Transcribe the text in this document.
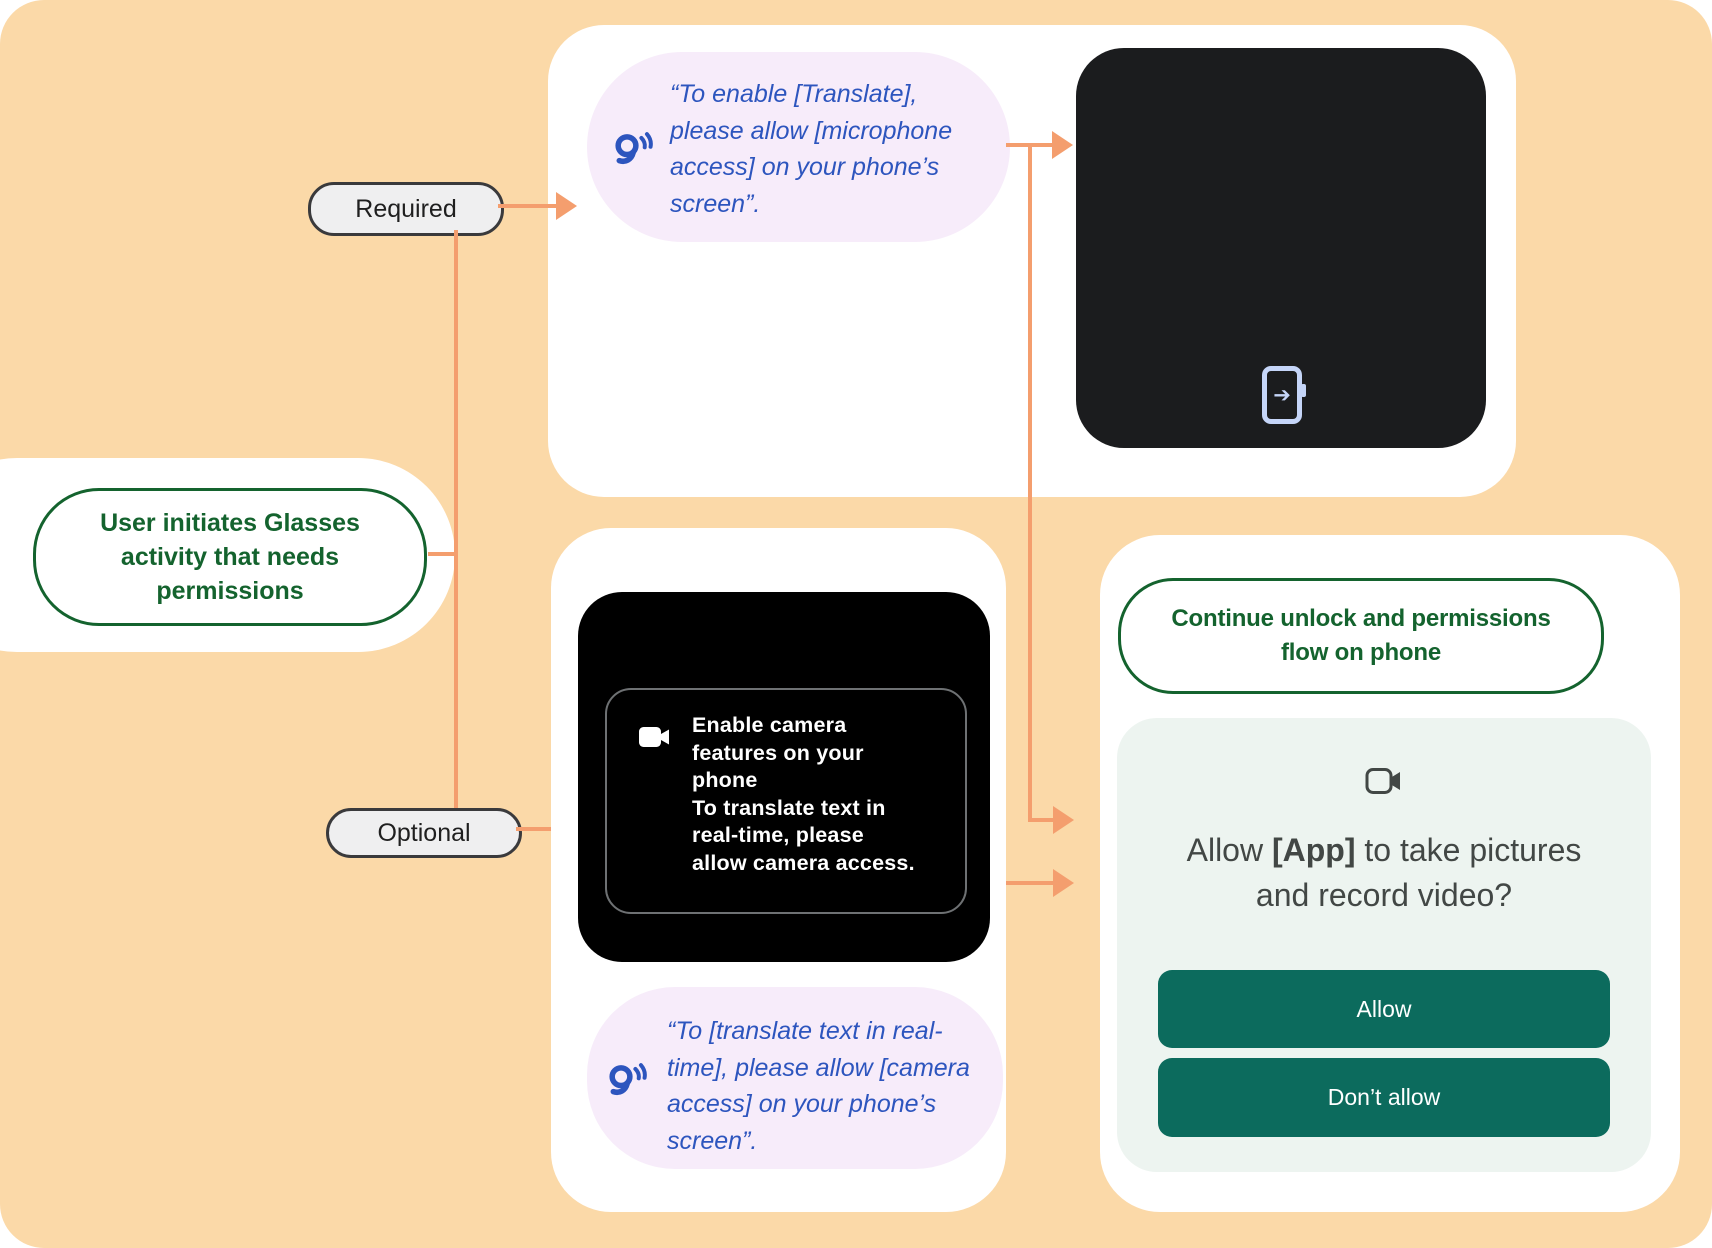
“To enable [Translate],
please allow [microphone
access] on your phone’s
screen”.
➔
User initiates Glasses
activity that needs
permissions
Required
Optional
Enable camera
features on your
phone
To translate text in
real-time, please
allow camera access.
“To [translate text in real-
time], please allow [camera
access] on your phone’s
screen”.
Continue unlock and permissions
flow on phone
Allow [App] to take pictures
and record video?
Allow
Don’t allow
